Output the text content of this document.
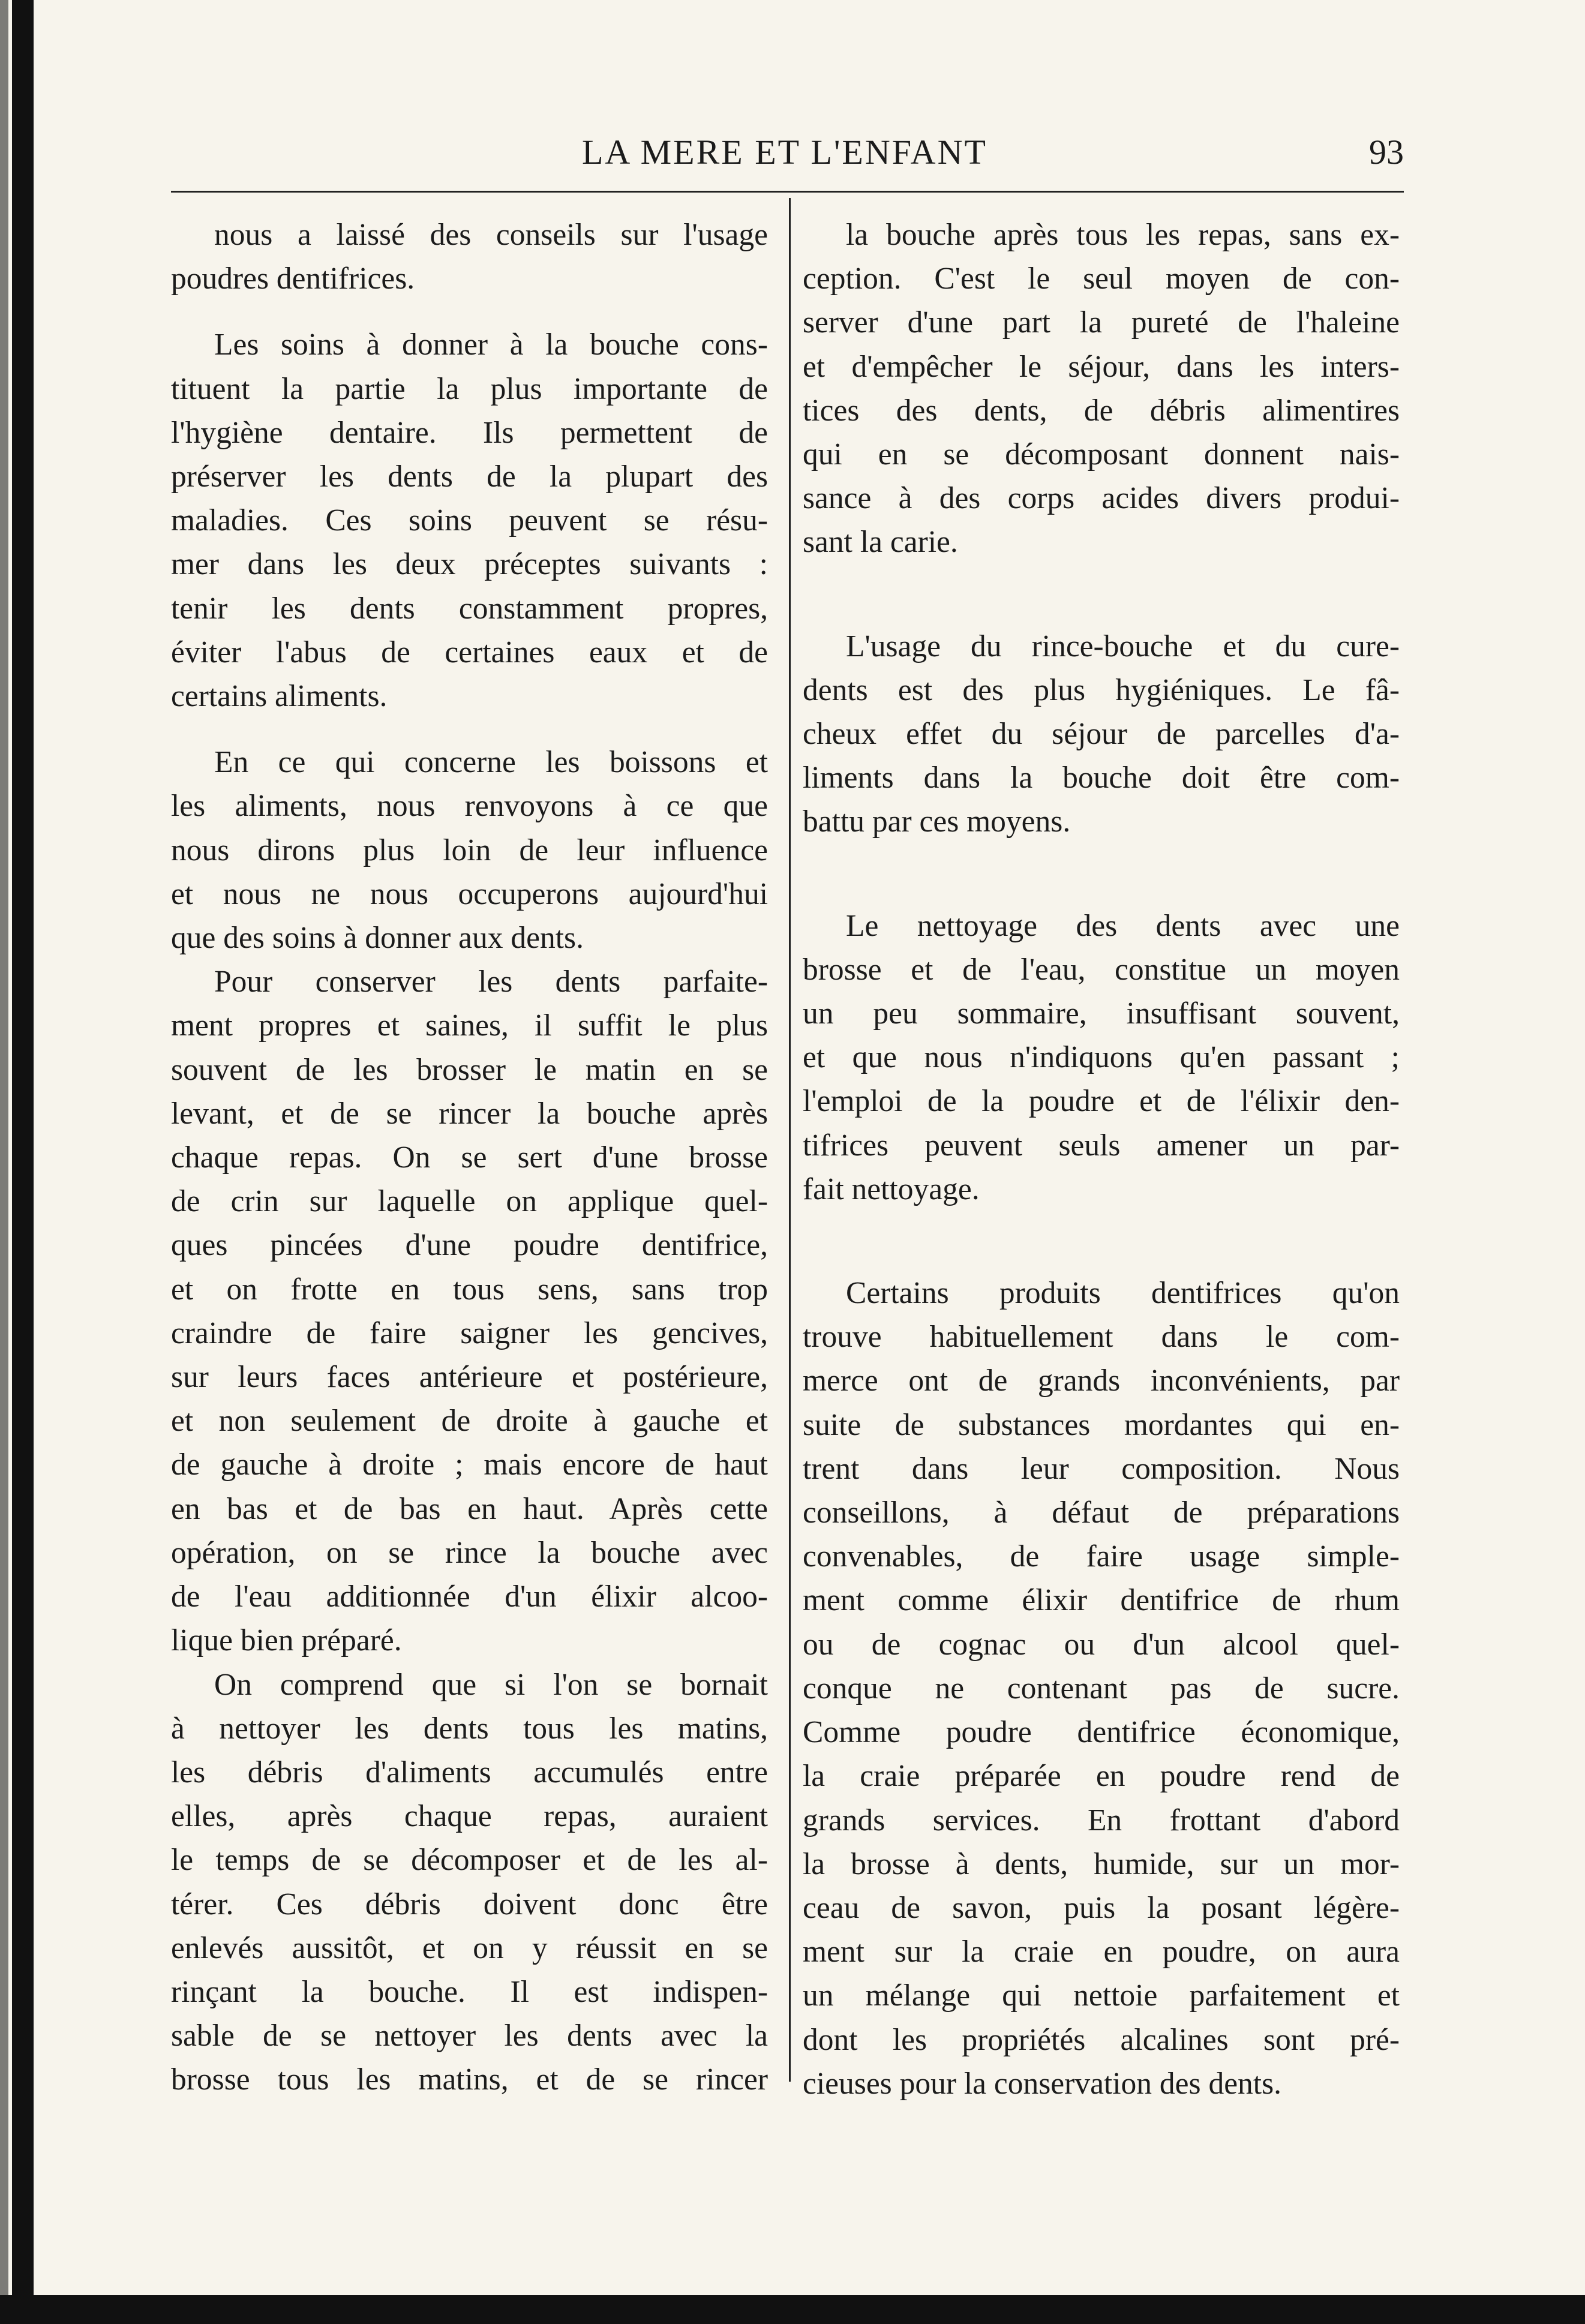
LA MERE ET L'ENFANT	93

nous a laissé des conseils sur l'usage
poudres dentifrices.

Les soins à donner à la bouche cons-
tituent la partie la plus importante de
l'hygiène dentaire. Ils permettent de
préserver les dents de la plupart des
maladies. Ces soins peuvent se résu-
mer dans les deux préceptes suivants :
tenir les dents constamment propres,
éviter l'abus de certaines eaux et de
certains aliments.

En ce qui concerne les boissons et
les aliments, nous renvoyons à ce que
nous dirons plus loin de leur influence
et nous ne nous occuperons aujourd'hui
que des soins à donner aux dents.

Pour conserver les dents parfaite-
ment propres et saines, il suffit le plus
souvent de les brosser le matin en se
levant, et de se rincer la bouche après
chaque repas. On se sert d'une brosse
de crin sur laquelle on applique quel-
ques pincées d'une poudre dentifrice,
et on frotte en tous sens, sans trop
craindre de faire saigner les gencives,
sur leurs faces antérieure et postérieure,
et non seulement de droite à gauche et
de gauche à droite ; mais encore de haut
en bas et de bas en haut. Après cette
opération, on se rince la bouche avec
de l'eau additionnée d'un élixir alcoo-
lique bien préparé.

On comprend que si l'on se bornait
à nettoyer les dents tous les matins,
les débris d'aliments accumulés entre
elles, après chaque repas, auraient
le temps de se décomposer et de les al-
térer. Ces débris doivent donc être
enlevés aussitôt, et on y réussit en se
rinçant la bouche. Il est indispen-
sable de se nettoyer les dents avec la
brosse tous les matins, et de se rincer

la bouche après tous les repas, sans ex-
ception. C'est le seul moyen de con-
server d'une part la pureté de l'haleine
et d'empêcher le séjour, dans les inters-
tices des dents, de débris alimentires
qui en se décomposant donnent nais-
sance à des corps acides divers produi-
sant la carie.

L'usage du rince-bouche et du cure-
dents est des plus hygiéniques. Le fâ-
cheux effet du séjour de parcelles d'a-
liments dans la bouche doit être com-
battu par ces moyens.

Le nettoyage des dents avec une
brosse et de l'eau, constitue un moyen
un peu sommaire, insuffisant souvent,
et que nous n'indiquons qu'en passant ;
l'emploi de la poudre et de l'élixir den-
tifrices peuvent seuls amener un par-
fait nettoyage.

Certains produits dentifrices qu'on
trouve habituellement dans le com-
merce ont de grands inconvénients, par
suite de substances mordantes qui en-
trent dans leur composition. Nous
conseillons, à défaut de préparations
convenables, de faire usage simple-
ment comme élixir dentifrice de rhum
ou de cognac ou d'un alcool quel-
conque ne contenant pas de sucre.
Comme poudre dentifrice économique,
la craie préparée en poudre rend de
grands services. En frottant d'abord
la brosse à dents, humide, sur un mor-
ceau de savon, puis la posant légère-
ment sur la craie en poudre, on aura
un mélange qui nettoie parfaitement et
dont les propriétés alcalines sont pré-
cieuses pour la conservation des dents.
